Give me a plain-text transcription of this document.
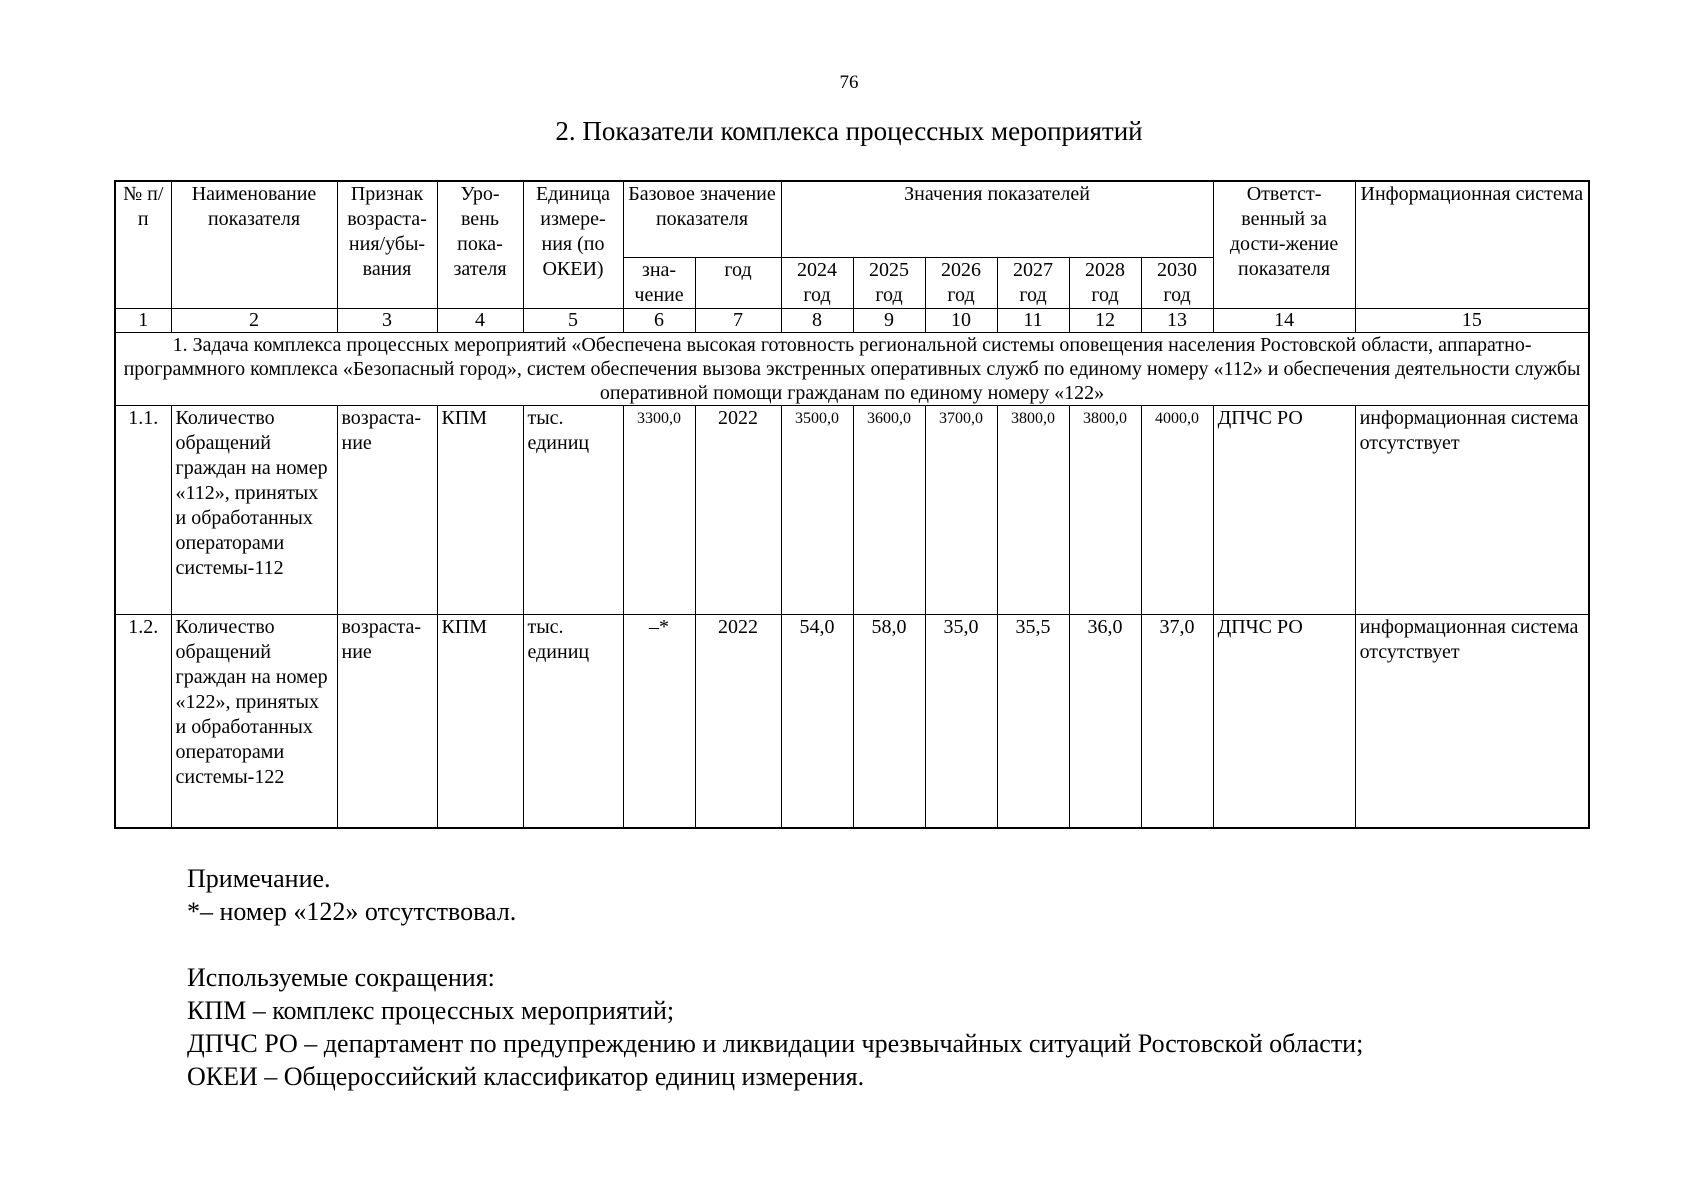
76
2. Показатели комплекса процессных мероприятий
№ п/п	Наименование показателя	Признак возраста-ния/убы-вания	Уро-вень пока-зателя	Единица измере-ния (по ОКЕИ)	Базовое значение показателя		Значения показателей						Ответст-венный за дости-жение показателя	Информационная система
					зна-чение	год	2024 год	2025 год	2026 год	2027 год	2028 год	2030 год		
1	2	3	4	5	6	7	8	9	10	11	12	13	14	15
1. Задача комплекса процессных мероприятий «Обеспечена высокая готовность региональной системы оповещения населения Ростовской области, аппаратно-программного комплекса «Безопасный город», систем обеспечения вызова экстренных оперативных служб по единому номеру «112» и обеспечения деятельности службы оперативной помощи гражданам по единому номеру «122»														
1.1.	Количество обращений граждан на номер «112», принятых и обработанных операторами системы-112	возраста-ние	КПМ	тыс. единиц	3300,0	2022	3500,0	3600,0	3700,0	3800,0	3800,0	4000,0	ДПЧС РО	информационная система отсутствует
1.2.	Количество обращений граждан на номер «122», принятых и обработанных операторами системы-122	возраста-ние	КПМ	тыс. единиц	–*	2022	54,0	58,0	35,0	35,5	36,0	37,0	ДПЧС РО	информационная система отсутствует
Примечание.
*– номер «122» отсутствовал.
Используемые сокращения:
КПМ – комплекс процессных мероприятий;
ДПЧС РО – департамент по предупреждению и ликвидации чрезвычайных ситуаций Ростовской области;
ОКЕИ – Общероссийский классификатор единиц измерения.
